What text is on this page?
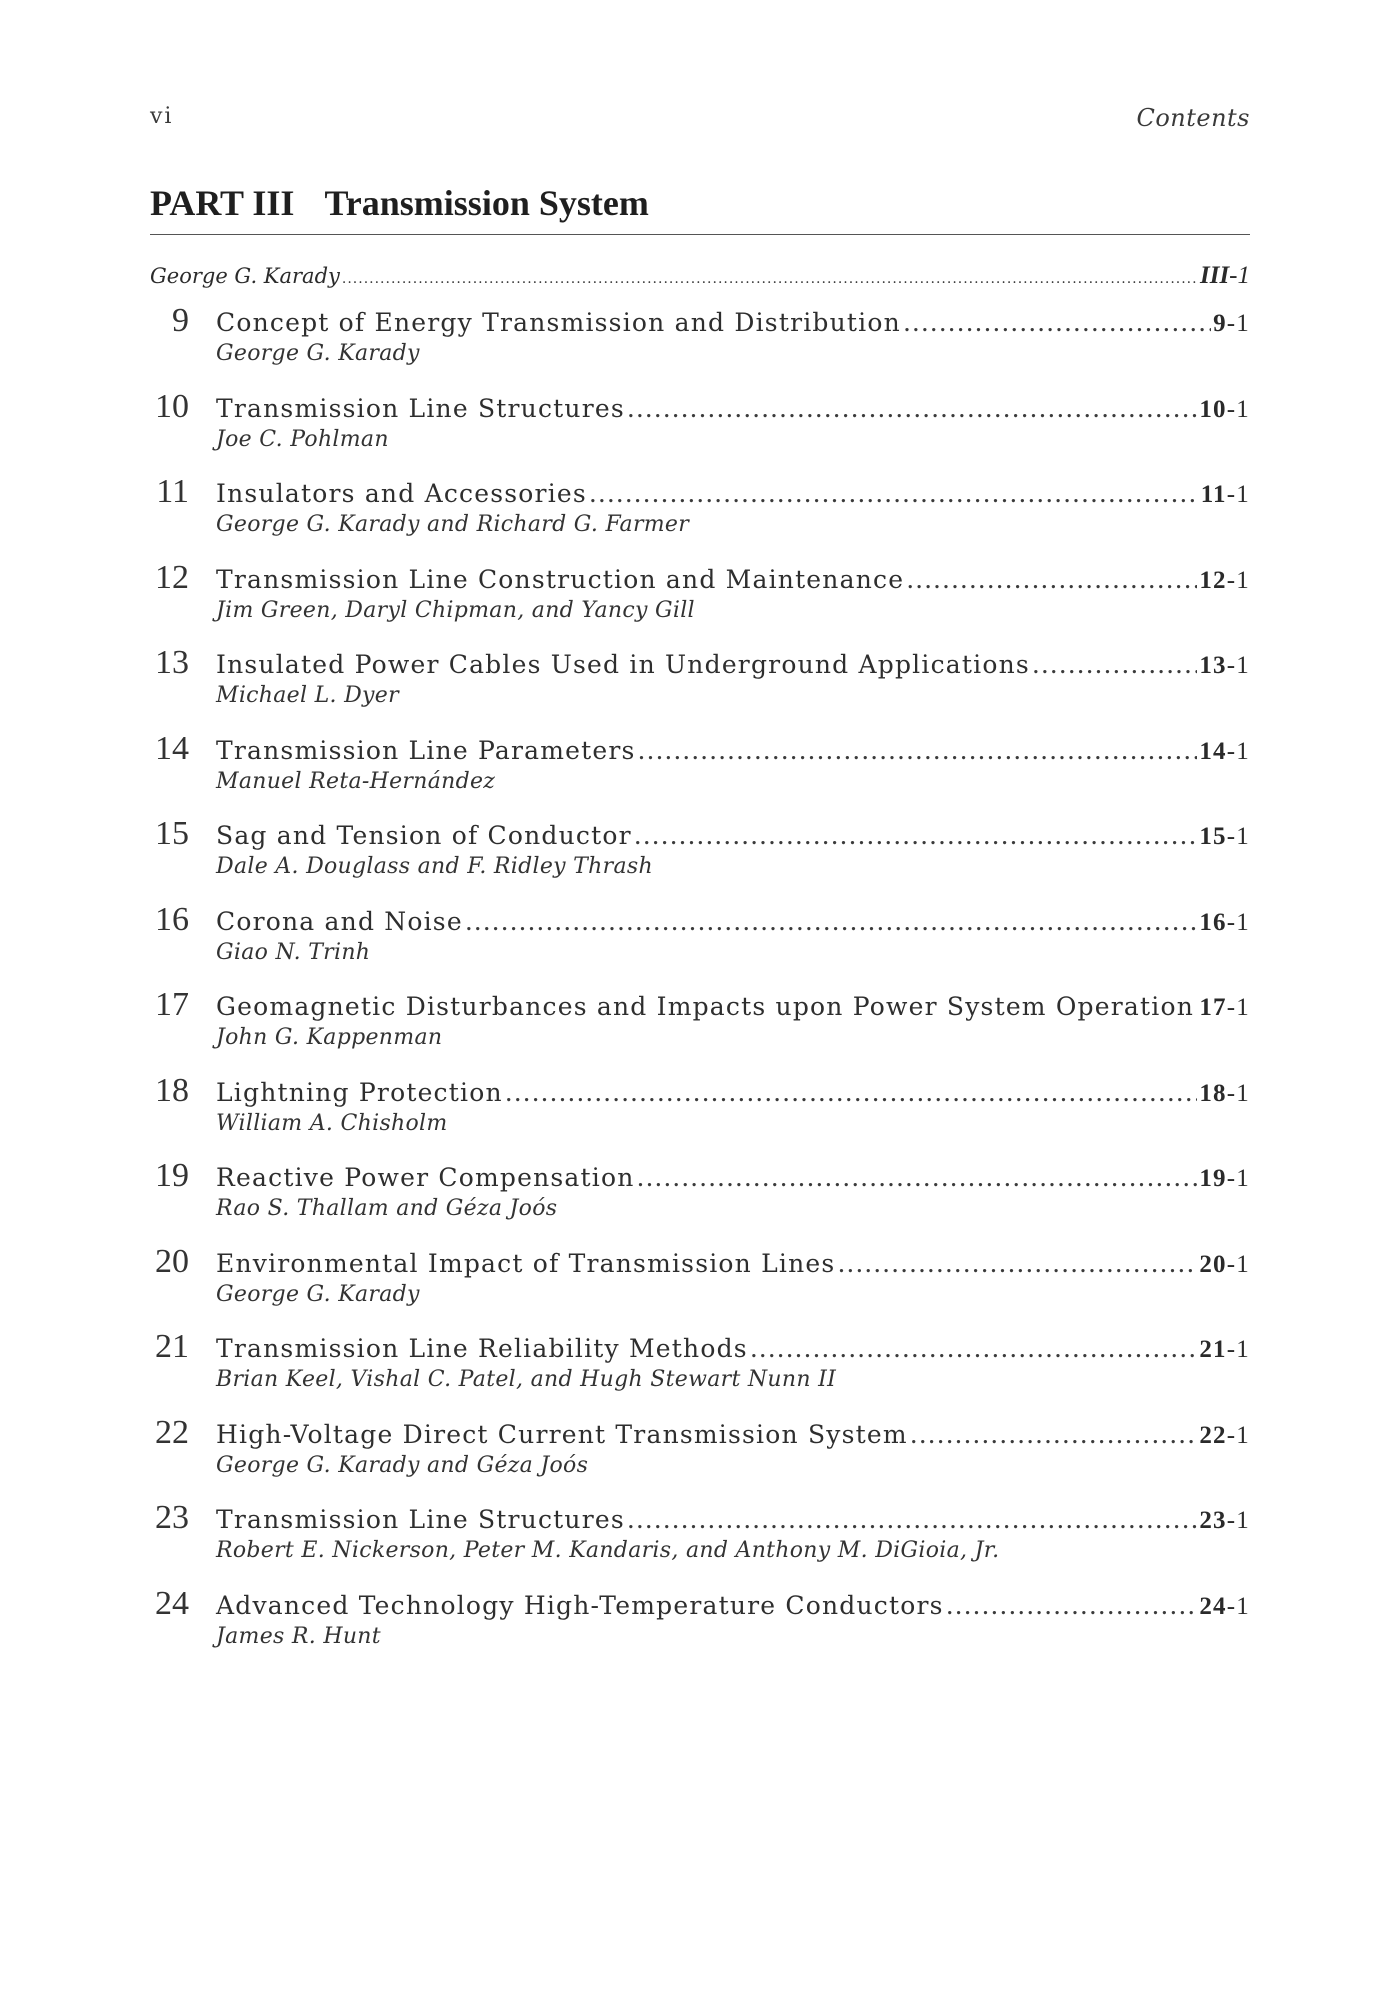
vi	Contents
PART III Transmission System
George G. Karady .....	III-1
9 Concept of Energy Transmission and Distribution .....	9-1
George G. Karady
10 Transmission Line Structures .....	10-1
Joe C. Pohlman
11 Insulators and Accessories .....	11-1
George G. Karady and Richard G. Farmer
12 Transmission Line Construction and Maintenance .....	12-1
Jim Green, Daryl Chipman, and Yancy Gill
13 Insulated Power Cables Used in Underground Applications .....	13-1
Michael L. Dyer
14 Transmission Line Parameters .....	14-1
Manuel Reta-Hernández
15 Sag and Tension of Conductor .....	15-1
Dale A. Douglass and F. Ridley Thrash
16 Corona and Noise .....	16-1
Giao N. Trinh
17 Geomagnetic Disturbances and Impacts upon Power System Operation ..... 17-1
John G. Kappenman
18 Lightning Protection .....	18-1
William A. Chisholm
19 Reactive Power Compensation .....	19-1
Rao S. Thallam and Géza Joós
20 Environmental Impact of Transmission Lines .....	20-1
George G. Karady
21 Transmission Line Reliability Methods .....	21-1
Brian Keel, Vishal C. Patel, and Hugh Stewart Nunn II
22 High-Voltage Direct Current Transmission System .....	22-1
George G. Karady and Géza Joós
23 Transmission Line Structures .....	23-1
Robert E. Nickerson, Peter M. Kandaris, and Anthony M. DiGioia, Jr.
24 Advanced Technology High-Temperature Conductors .....	24-1
James R. Hunt
